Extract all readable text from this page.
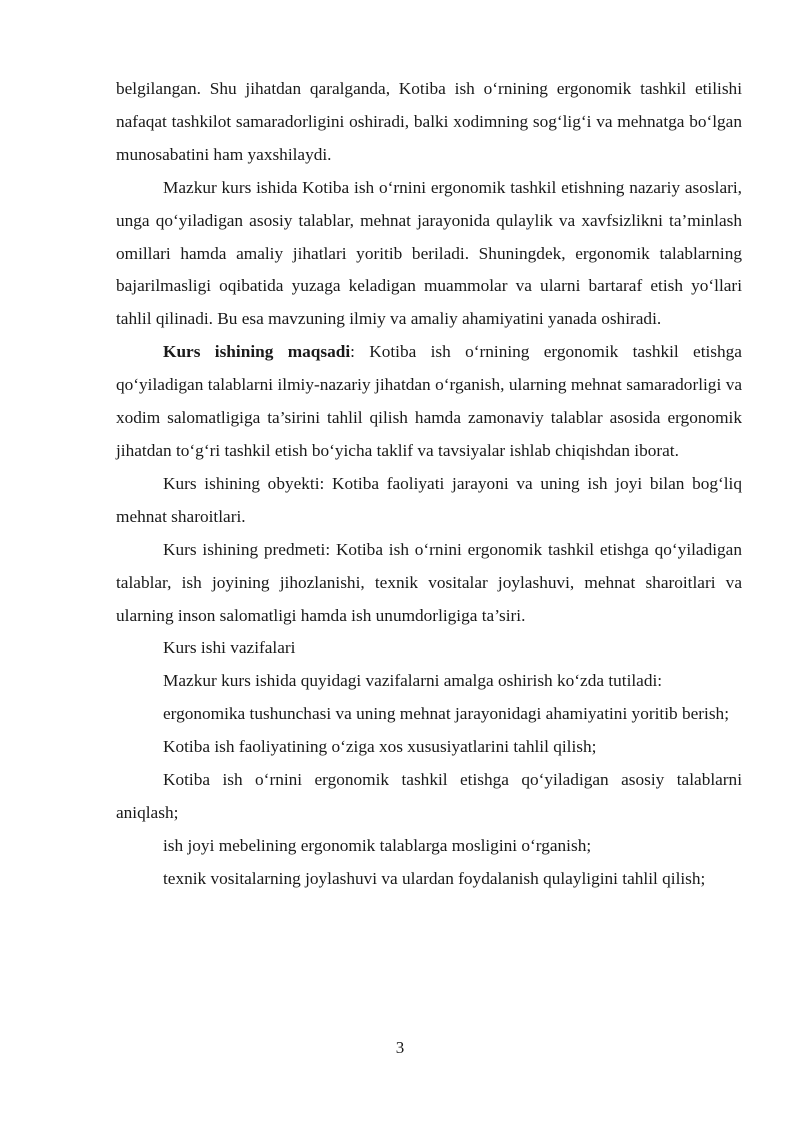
belgilangan. Shu jihatdan qaralganda, Kotiba ish o‘rnining ergonomik tashkil etilishi nafaqat tashkilot samaradorligini oshiradi, balki xodimning sog‘lig‘i va mehnatga bo‘lgan munosabatini ham yaxshilaydi.

Mazkur kurs ishida Kotiba ish o‘rnini ergonomik tashkil etishning nazariy asoslari, unga qo‘yiladigan asosiy talablar, mehnat jarayonida qulaylik va xavfsizlikni ta’minlash omillari hamda amaliy jihatlari yoritib beriladi. Shuningdek, ergonomik talablarning bajarilmasligi oqibatida yuzaga keladigan muammolar va ularni bartaraf etish yo‘llari tahlil qilinadi. Bu esa mavzuning ilmiy va amaliy ahamiyatini yanada oshiradi.

Kurs ishining maqsadi: Kotiba ish o‘rnining ergonomik tashkil etishga qo‘yiladigan talablarni ilmiy-nazariy jihatdan o‘rganish, ularning mehnat samaradorligi va xodim salomatligiga ta’sirini tahlil qilish hamda zamonaviy talablar asosida ergonomik jihatdan to‘g‘ri tashkil etish bo‘yicha taklif va tavsiyalar ishlab chiqishdan iborat.

Kurs ishining obyekti: Kotiba faoliyati jarayoni va uning ish joyi bilan bog‘liq mehnat sharoitlari.

Kurs ishining predmeti: Kotiba ish o‘rnini ergonomik tashkil etishga qo‘yiladigan talablar, ish joyining jihozlanishi, texnik vositalar joylashuvi, mehnat sharoitlari va ularning inson salomatligi hamda ish unumdorligiga ta’siri.

Kurs ishi vazifalari

Mazkur kurs ishida quyidagi vazifalarni amalga oshirish ko‘zda tutiladi:

ergonomika tushunchasi va uning mehnat jarayonidagi ahamiyatini yoritib berish;

Kotiba ish faoliyatining o‘ziga xos xususiyatlarini tahlil qilish;

Kotiba ish o‘rnini ergonomik tashkil etishga qo‘yiladigan asosiy talablarni aniqlash;

ish joyi mebelining ergonomik talablarga mosligini o‘rganish;

texnik vositalarning joylashuvi va ulardan foydalanish qulayligini tahlil qilish;

3
